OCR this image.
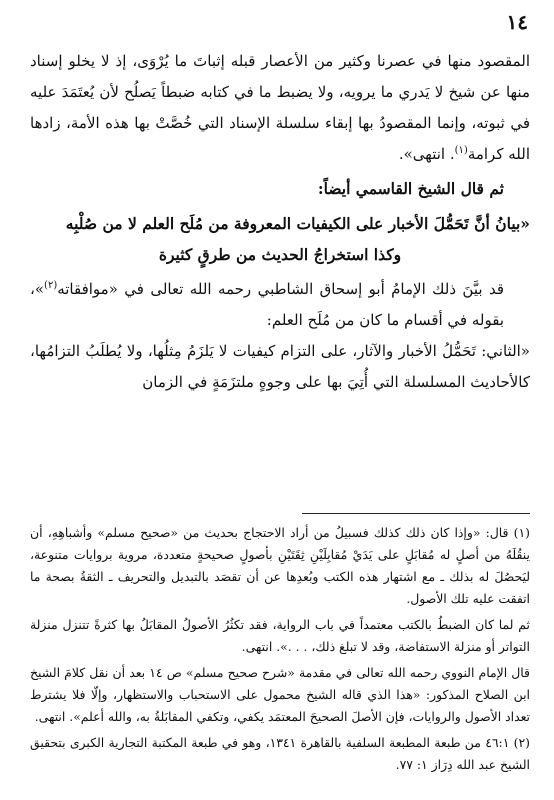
١٤

المقصود منها في عصرنا وكثير من الأعصار قبله إثباتَ ما يُرْوَى، إذ لا يخلو إسناد منها عن شيخ لا يَدري ما يرويه، ولا يضبط ما في كتابه ضبطاً يَصلُح لأن يُعتَمَدَ عليه في ثبوته، وإنما المقصودُ بها إبقاء سلسلة الإسناد التي خُصَّتْ بها هذه الأمة، زادها الله كرامة$^{(١)}$. انتهى».

ثم قال الشيخ القاسمي أيضاً:

«بيانُ أنَّ تَحَمُّلَ الأخبار على الكيفيات المعروفة من مُلَح العلم لا من صُلْبِه

وكذا استخراجُ الحديث من طرقٍ كثيرة

قد بيَّنَ ذلك الإمامُ أبو إسحاق الشاطبي رحمه الله تعالى في «موافقاته$^{(٢)}$»، بقوله في أقسام ما كان من مُلَح العلم:

«الثاني: تَحَمُّلُ الأخبار والآثار، على التزام كيفيات لا يَلزَمُ مِثلُها، ولا يُطلَبُ التزامُها، كالأحاديث المسلسلة التي أُتِيَ بها على وجوهٍ ملتزَمَةٍ في الزمان

(١) قال: «وإذا كان ذلك كذلك فسبيلُ من أراد الاحتجاج بحديث من «صحيح مسلم» وأشباهِهِ، أن ينقُلَهُ من أصلٍ له مُقابَلٍ على يَدَيْ مُقابِلَيْنِ ثِقَتَيْنِ بأصولٍ صحيحةٍ متعددة، مروية بروايات متنوعة، ليَحصُلَ له بذلك ـ مع اشتهار هذه الكتب وبُعدِها عن أن تقصَد بالتبديل والتحريف ـ الثقةُ بصحة ما اتفقت عليه تلك الأصول.

ثم لما كان الضبطُ بالكتب معتمداً في باب الرواية، فقد تكثُرُ الأصولُ المقابَلُ بها كثرةً تتنزل منزلة التواتر أو منزلة الاستفاضة، وقد لا تبلغ ذلك، . . .». انتهى.

قال الإمام النووي رحمه الله تعالى في مقدمة «شرح صحيح مسلم» ص ١٤ بعد أن نقل كلامَ الشيخ ابن الصلاح المذكور: «هذا الذي قاله الشيخ محمول على الاستحباب والاستظهار، وإلّا فلا يشترط تعداد الأصول والروايات، فإن الأصلَ الصحيحَ المعتمَد يكفي، وتكفي المقابَلةُ به، والله أعلم». انتهى.

(٢) ٤٦:١ من طبعة المطبعة السلفية بالقاهرة ١٣٤١، وهو في طبعة المكتبة التجارية الكبرى بتحقيق الشيخ عبد الله دِرَاز ١: ٧٧.
